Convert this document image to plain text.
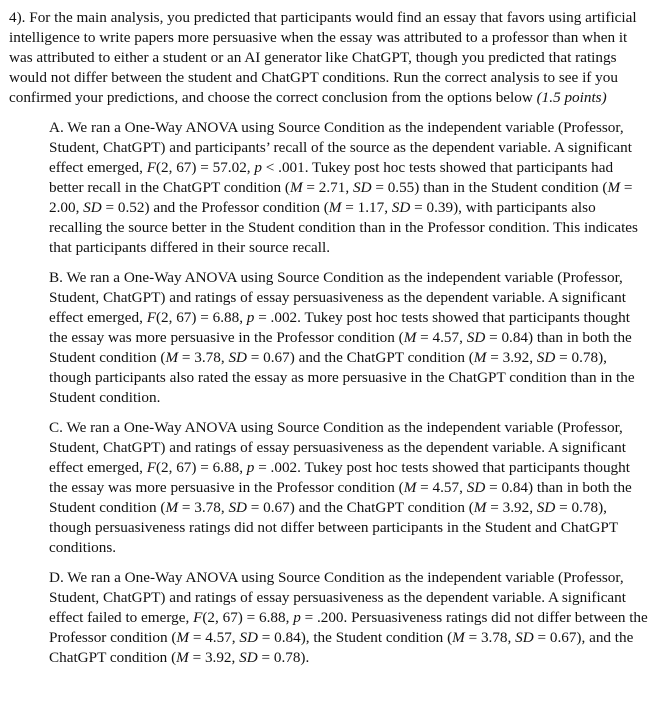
4). For the main analysis, you predicted that participants would find an essay that favors using artificial intelligence to write papers more persuasive when the essay was attributed to a professor than when it was attributed to either a student or an AI generator like ChatGPT, though you predicted that ratings would not differ between the student and ChatGPT conditions. Run the correct analysis to see if you confirmed your predictions, and choose the correct conclusion from the options below (1.5 points)

A. We ran a One-Way ANOVA using Source Condition as the independent variable (Professor, Student, ChatGPT) and participants’ recall of the source as the dependent variable. A significant effect emerged, F(2, 67) = 57.02, p < .001. Tukey post hoc tests showed that participants had better recall in the ChatGPT condition (M = 2.71, SD = 0.55) than in the Student condition (M = 2.00, SD = 0.52) and the Professor condition (M = 1.17, SD = 0.39), with participants also recalling the source better in the Student condition than in the Professor condition. This indicates that participants differed in their source recall.

B. We ran a One-Way ANOVA using Source Condition as the independent variable (Professor, Student, ChatGPT) and ratings of essay persuasiveness as the dependent variable. A significant effect emerged, F(2, 67) = 6.88, p = .002. Tukey post hoc tests showed that participants thought the essay was more persuasive in the Professor condition (M = 4.57, SD = 0.84) than in both the Student condition (M = 3.78, SD = 0.67) and the ChatGPT condition (M = 3.92, SD = 0.78), though participants also rated the essay as more persuasive in the ChatGPT condition than in the Student condition.

C. We ran a One-Way ANOVA using Source Condition as the independent variable (Professor, Student, ChatGPT) and ratings of essay persuasiveness as the dependent variable. A significant effect emerged, F(2, 67) = 6.88, p = .002. Tukey post hoc tests showed that participants thought the essay was more persuasive in the Professor condition (M = 4.57, SD = 0.84) than in both the Student condition (M = 3.78, SD = 0.67) and the ChatGPT condition (M = 3.92, SD = 0.78), though persuasiveness ratings did not differ between participants in the Student and ChatGPT conditions.

D. We ran a One-Way ANOVA using Source Condition as the independent variable (Professor, Student, ChatGPT) and ratings of essay persuasiveness as the dependent variable. A significant effect failed to emerge, F(2, 67) = 6.88, p = .200. Persuasiveness ratings did not differ between the Professor condition (M = 4.57, SD = 0.84), the Student condition (M = 3.78, SD = 0.67), and the ChatGPT condition (M = 3.92, SD = 0.78).
